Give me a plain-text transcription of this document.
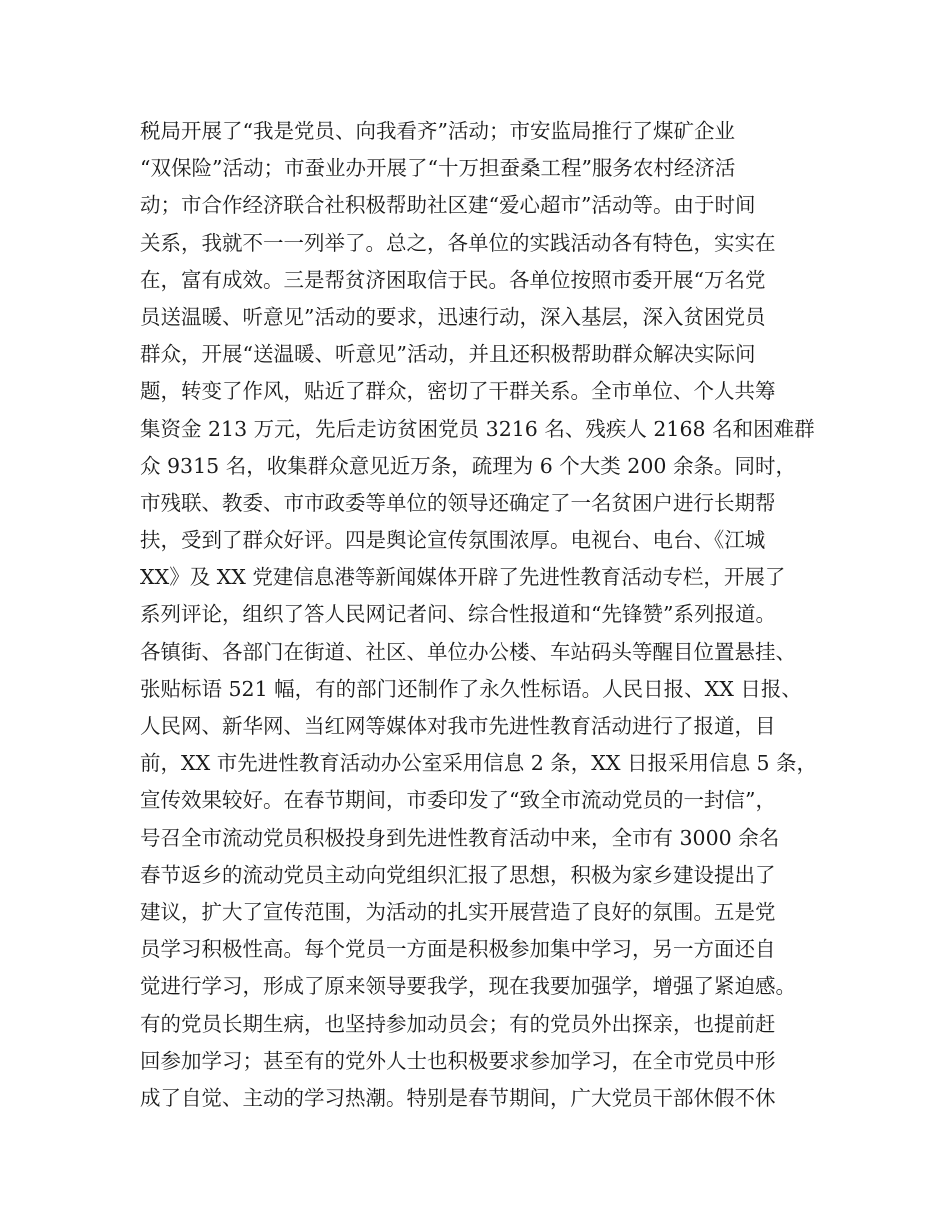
税局开展了“我是党员、向我看齐”活动；市安监局推行了煤矿企业
“双保险”活动；市蚕业办开展了“十万担蚕桑工程”服务农村经济活
动；市合作经济联合社积极帮助社区建“爱心超市”活动等。由于时间
关系，我就不一一列举了。总之，各单位的实践活动各有特色，实实在
在，富有成效。三是帮贫济困取信于民。各单位按照市委开展“万名党
员送温暖、听意见”活动的要求，迅速行动，深入基层，深入贫困党员
群众，开展“送温暖、听意见”活动，并且还积极帮助群众解决实际问
题，转变了作风，贴近了群众，密切了干群关系。全市单位、个人共筹
集资金 213 万元，先后走访贫困党员 3216 名、残疾人 2168 名和困难群
众 9315 名，收集群众意见近万条，疏理为 6 个大类 200 余条。同时，
市残联、教委、市市政委等单位的领导还确定了一名贫困户进行长期帮
扶，受到了群众好评。四是舆论宣传氛围浓厚。电视台、电台、《江城
XX》及 XX 党建信息港等新闻媒体开辟了先进性教育活动专栏，开展了
系列评论，组织了答人民网记者问、综合性报道和“先锋赞”系列报道。
各镇街、各部门在街道、社区、单位办公楼、车站码头等醒目位置悬挂、
张贴标语 521 幅，有的部门还制作了永久性标语。人民日报、XX 日报、
人民网、新华网、当红网等媒体对我市先进性教育活动进行了报道，目
前，XX 市先进性教育活动办公室采用信息 2 条，XX 日报采用信息 5 条，
宣传效果较好。在春节期间，市委印发了“致全市流动党员的一封信”，
号召全市流动党员积极投身到先进性教育活动中来，全市有 3000 余名
春节返乡的流动党员主动向党组织汇报了思想，积极为家乡建设提出了
建议，扩大了宣传范围，为活动的扎实开展营造了良好的氛围。五是党
员学习积极性高。每个党员一方面是积极参加集中学习，另一方面还自
觉进行学习，形成了原来领导要我学，现在我要加强学，增强了紧迫感。
有的党员长期生病，也坚持参加动员会；有的党员外出探亲，也提前赶
回参加学习；甚至有的党外人士也积极要求参加学习，在全市党员中形
成了自觉、主动的学习热潮。特别是春节期间，广大党员干部休假不休
